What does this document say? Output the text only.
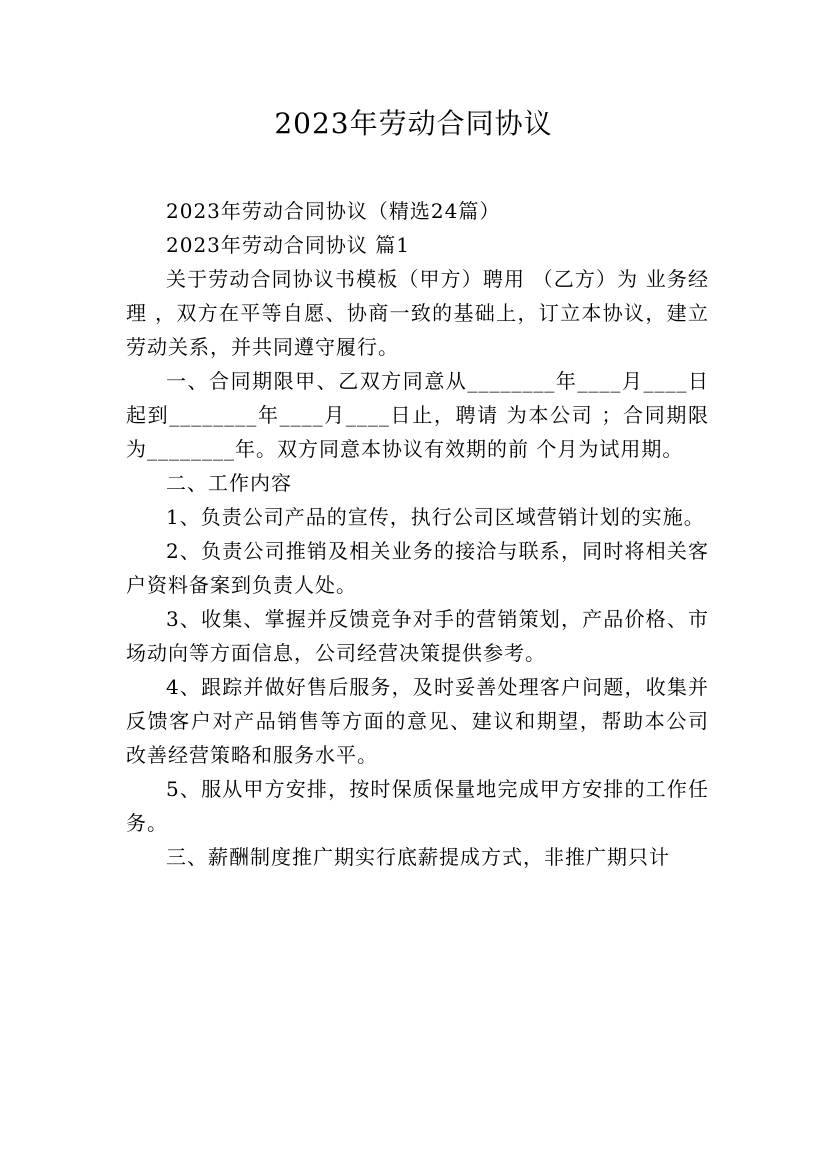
2023年劳动合同协议

2023年劳动合同协议（精选24篇）

2023年劳动合同协议 篇1

关于劳动合同协议书模板（甲方）聘用 （乙方）为 业务经理 ，双方在平等自愿、协商一致的基础上，订立本协议，建立劳动关系，并共同遵守履行。

一、合同期限甲、乙双方同意从________年____月____日起到________年____月____日止，聘请 为本公司 ；合同期限为________年。双方同意本协议有效期的前 个月为试用期。

二、工作内容

1、负责公司产品的宣传，执行公司区域营销计划的实施。

2、负责公司推销及相关业务的接洽与联系，同时将相关客户资料备案到负责人处。

3、收集、掌握并反馈竞争对手的营销策划，产品价格、市场动向等方面信息，公司经营决策提供参考。

4、跟踪并做好售后服务，及时妥善处理客户问题，收集并反馈客户对产品销售等方面的意见、建议和期望，帮助本公司改善经营策略和服务水平。

5、服从甲方安排，按时保质保量地完成甲方安排的工作任务。

三、薪酬制度推广期实行底薪提成方式，非推广期只计
